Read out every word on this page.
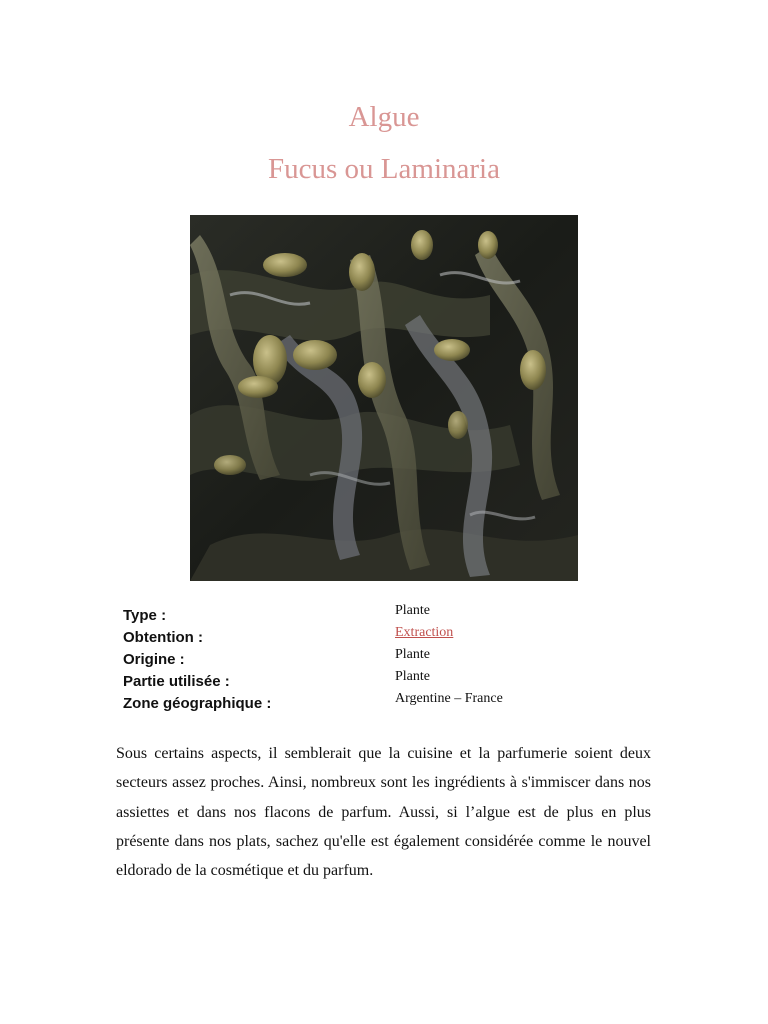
Algue
Fucus ou Laminaria
Type :
Obtention :
Origine :
Partie utilisée :
Zone géographique :
Plante
Extraction
Plante
Plante
Argentine – France

Sous certains aspects, il semblerait que la cuisine et la parfumerie soient deux secteurs assez proches. Ainsi, nombreux sont les ingrédients à s'immiscer dans nos assiettes et dans nos flacons de parfum. Aussi, si l’algue est de plus en plus présente dans nos plats, sachez qu'elle est également considérée comme le nouvel eldorado de la cosmétique et du parfum.
